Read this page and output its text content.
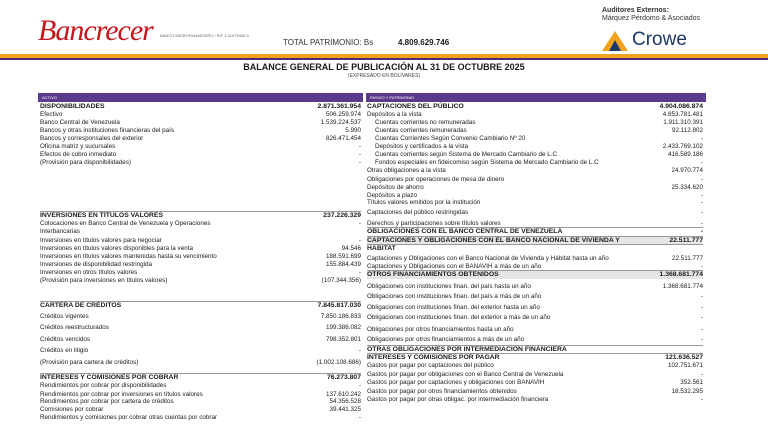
Bancrecer BANCO MICROFINANCIERO / RIF J-31079400-9
TOTAL PATRIMONIO: Bs	4.809.629.746
Auditores Externos:
Márquez Pérdomo & Asociados
Crowe
BALANCE GENERAL DE PUBLICACIÓN AL 31 DE OCTUBRE 2025
(EXPRESADO EN BOLÍVARES)
ACTIVO	PASIVO Y PATRIMONIO
DISPONIBILIDADES	2.871.361.954
Efectivo	506.259.974
Banco Central de Venezuela	1.539.224.537
Bancos y otras instituciones financieras del país	5.990
Bancos y corresponsales del exterior	826.471.454
Oficina matriz y sucursales	-
Efectos de cobro inmediato	-
(Provisión para disponibilidades)	-
INVERSIONES EN TÍTULOS VALORES	237.226.329
Colocaciones en Banco Central de Venezuela y Operaciones	-
Interbancarias
Inversiones en títulos valores para negociar	-
Inversiones en títulos valores disponibles para la venta	94.546
Inversiones en títulos valores mantenidas hasta su vencimiento	188.591.699
Inversiones de disponibilidad restringida	155.884.439
Inversiones en otros títulos valores	-
(Provisión para inversiones en títulos valores)	(107.344.356)
CARTERA DE CRÉDITOS	7.845.817.030
Créditos vigentes	7.850.186.833
Créditos reestructurados	199.386.082
Créditos vencidos	798.352.801
Créditos en litigio	-
(Provisión para cartera de créditos)	(1.002.108.686)
INTERESES Y COMISIONES POR COBRAR	76.273.807
Rendimientos por cobrar por disponibilidades	-
Rendimientos por cobrar por inversiones en títulos valores	137.610.242
Rendimientos por cobrar por cartera de créditos	54.356.528
Comisiones por cobrar	39.441.325
Rendimientos y comisiones por cobrar otras cuentas por cobrar	-
CAPTACIONES DEL PÚBLICO	4.904.086.874
Depósitos a la vista	4.853.781.481
Cuentas corrientes no remuneradas	1.911.310.391
Cuentas corrientes remuneradas	92.112.802
Cuentas Corrientes Según Convenio Cambiario Nº 20	-
Depósitos y certificados a la vista	2.433.769.102
Cuentas corrientes según Sistema de Mercado Cambiario de L.C	416.589.186
Fondos especiales en fideicomiso según Sistema de Mercado Cambiario de L.C	-
Otras obligaciones a la vista	24.970.774
Obligaciones por operaciones de mesa de dinero	-
Depósitos de ahorro	25.334.620
Depósitos a plazo	-
Títulos valores emitidos por la institución	-
Captaciones del público restringidas	-
Derechos y participaciones sobre títulos valores	-
OBLIGACIONES CON EL BANCO CENTRAL DE VENEZUELA	-
CAPTACIONES Y OBLIGACIONES CON EL BANCO NACIONAL DE VIVIENDA Y	22.511.777
HÁBITAT
Captaciones y Obligaciones con el Banco Nacional de Vivienda y Hábitat hasta un año	22.511.777
Captaciones y Obligaciones con el BANAVIH a más de un año	-
OTROS FINANCIAMIENTOS OBTENIDOS	1.368.681.774
Obligaciones con instituciones finan. del país hasta un año	1.368.681.774
Obligaciones con instituciones finan. del país a más de un año	-
Obligaciones con instituciones finan. del exterior hasta un año	-
Obligaciones con instituciones finan. del exterior a más de un año	-
Obligaciones por otros financiamientos hasta un año	-
Obligaciones por otros financiamientos a más de un año	-
OTRAS OBLIGACIONES POR INTERMEDIACIÓN FINANCIERA
INTERESES Y COMISIONES POR PAGAR	121.636.527
Gastos por pagar por captaciones del público	102.751.671
Gastos por pagar por obligaciones con el Banco Central de Venezuela	-
Gastos por pagar por captaciones y obligaciones con BANAVIH	352.561
Gastos por pagar por otros financiamientos obtenidos	18.532.295
Gastos por pagar por otras obligac. por intermediación financiera	-
